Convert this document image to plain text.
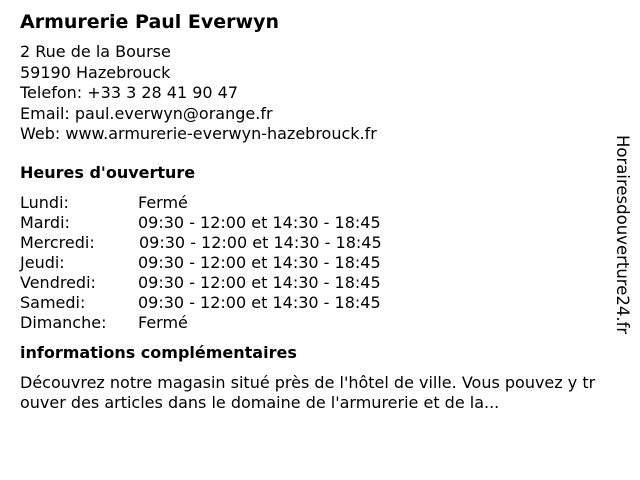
Armurerie Paul Everwyn
2 Rue de la Bourse
59190 Hazebrouck
Telefon: +33 3 28 41 90 47
Email: paul.everwyn@orange.fr
Web: www.armurerie-everwyn-hazebrouck.fr
Heures d'ouverture
Lundi:	Fermé
Mardi:	09:30 - 12:00 et 14:30 - 18:45
Mercredi:	09:30 - 12:00 et 14:30 - 18:45
Jeudi:	09:30 - 12:00 et 14:30 - 18:45
Vendredi:	09:30 - 12:00 et 14:30 - 18:45
Samedi:	09:30 - 12:00 et 14:30 - 18:45
Dimanche: Fermé
informations complémentaires
Découvrez notre magasin situé près de l'hôtel de ville. Vous pouvez y trouver des articles dans le domaine de l'armurerie et de la...
Horairesdouverture24.fr
